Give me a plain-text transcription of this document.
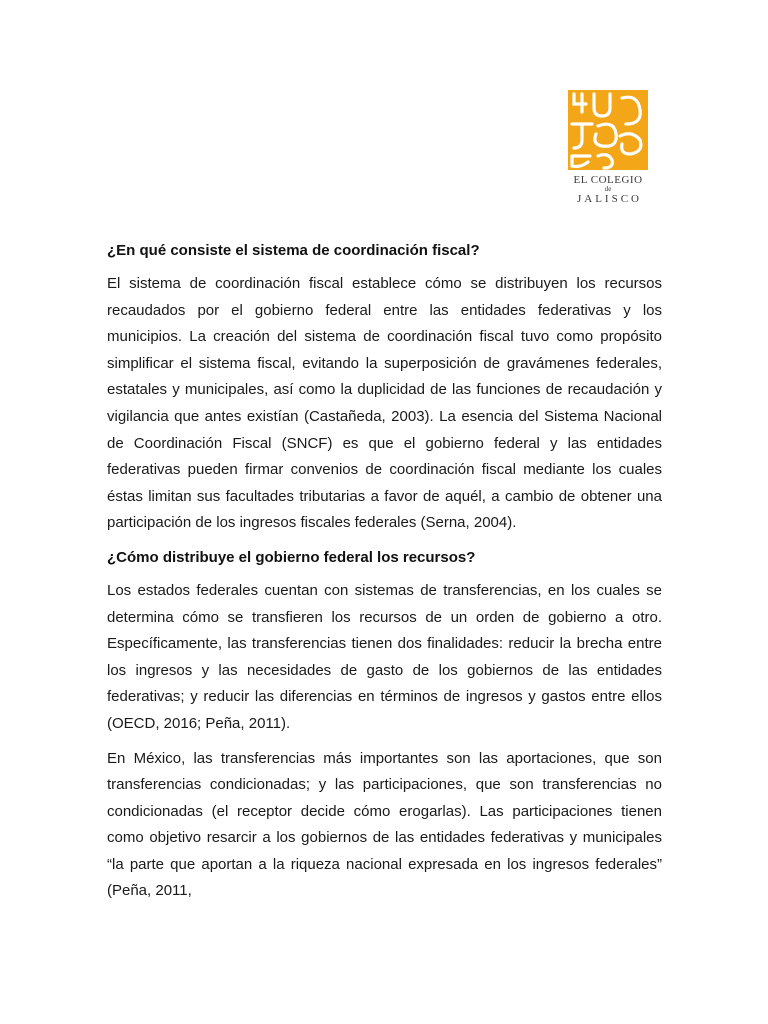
EL COLEGIO
de
JALISCO
¿En qué consiste el sistema de coordinación fiscal?

El sistema de coordinación fiscal establece cómo se distribuyen los recursos recaudados por el gobierno federal entre las entidades federativas y los municipios. La creación del sistema de coordinación fiscal tuvo como propósito simplificar el sistema fiscal, evitando la superposición de gravámenes federales, estatales y municipales, así como la duplicidad de las funciones de recaudación y vigilancia que antes existían (Castañeda, 2003). La esencia del Sistema Nacional de Coordinación Fiscal (SNCF) es que el gobierno federal y las entidades federativas pueden firmar convenios de coordinación fiscal mediante los cuales éstas limitan sus facultades tributarias a favor de aquél, a cambio de obtener una participación de los ingresos fiscales federales (Serna, 2004).

¿Cómo distribuye el gobierno federal los recursos?

Los estados federales cuentan con sistemas de transferencias, en los cuales se determina cómo se transfieren los recursos de un orden de gobierno a otro. Específicamente, las transferencias tienen dos finalidades: reducir la brecha entre los ingresos y las necesidades de gasto de los gobiernos de las entidades federativas; y reducir las diferencias en términos de ingresos y gastos entre ellos (OECD, 2016; Peña, 2011).

En México, las transferencias más importantes son las aportaciones, que son transferencias condicionadas; y las participaciones, que son transferencias no condicionadas (el receptor decide cómo erogarlas). Las participaciones tienen como objetivo resarcir a los gobiernos de las entidades federativas y municipales “la parte que aportan a la riqueza nacional expresada en los ingresos federales” (Peña, 2011,
